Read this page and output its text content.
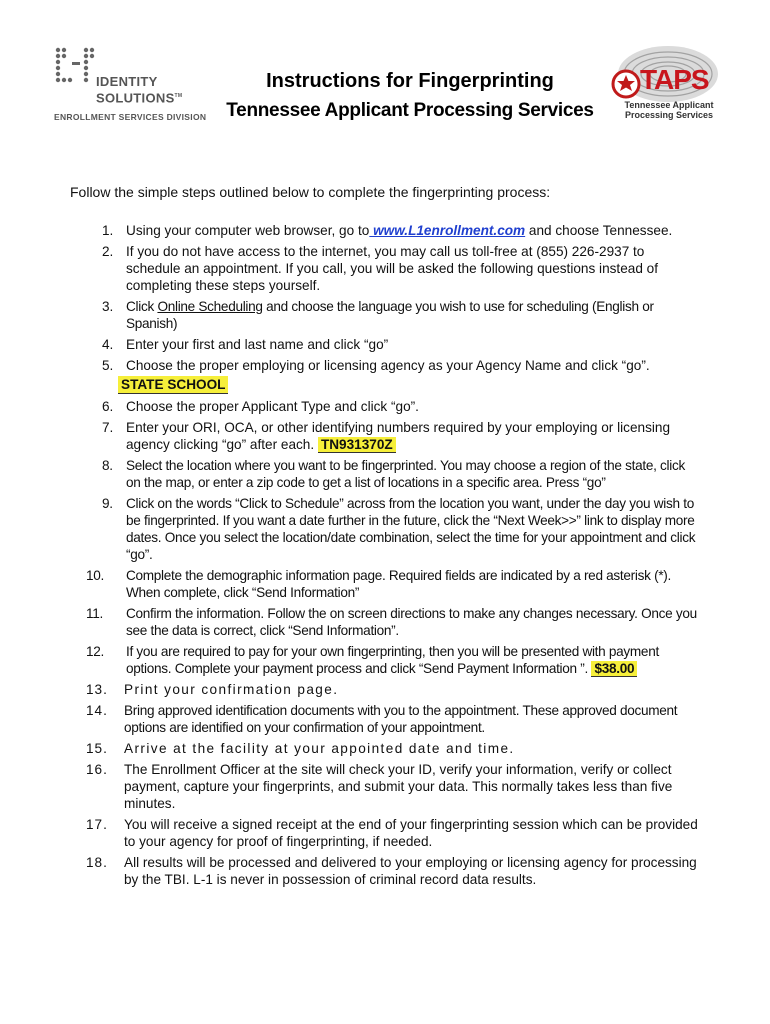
IDENTITY
SOLUTIONS™
ENROLLMENT SERVICES DIVISION
Instructions for Fingerprinting
Tennessee Applicant Processing Services
TAPS
Tennessee Applicant
Processing Services
Follow the simple steps outlined below to complete the fingerprinting process:
1. Using your computer web browser, go to www.L1enrollment.com and choose Tennessee.
2. If you do not have access to the internet, you may call us toll-free at (855) 226-2937 to schedule an appointment. If you call, you will be asked the following questions instead of completing these steps yourself.
3. Click Online Scheduling and choose the language you wish to use for scheduling (English or Spanish)
4. Enter your first and last name and click “go”
5. Choose the proper employing or licensing agency as your Agency Name and click “go”.
STATE SCHOOL
6. Choose the proper Applicant Type and click “go”.
7. Enter your ORI, OCA, or other identifying numbers required by your employing or licensing agency clicking “go” after each. TN931370Z
8. Select the location where you want to be fingerprinted. You may choose a region of the state, click on the map, or enter a zip code to get a list of locations in a specific area. Press “go”
9. Click on the words “Click to Schedule” across from the location you want, under the day you wish to be fingerprinted. If you want a date further in the future, click the “Next Week>>” link to display more dates. Once you select the location/date combination, select the time for your appointment and click “go”.
10.	Complete the demographic information page. Required fields are indicated by a red asterisk (*). When complete, click “Send Information”
11.	Confirm the information. Follow the on screen directions to make any changes necessary. Once you see the data is correct, click “Send Information”.
12.	If you are required to pay for your own fingerprinting, then you will be presented with payment options. Complete your payment process and click “Send Payment Information ”. $38.00
13.	Print your confirmation page.
14.	Bring approved identification documents with you to the appointment. These approved document options are identified on your confirmation of your appointment.
15.	Arrive at the facility at your appointed date and time.
16.	The Enrollment Officer at the site will check your ID, verify your information, verify or collect payment, capture your fingerprints, and submit your data. This normally takes less than five minutes.
17.	You will receive a signed receipt at the end of your fingerprinting session which can be provided to your agency for proof of fingerprinting, if needed.
18.	All results will be processed and delivered to your employing or licensing agency for processing by the TBI. L-1 is never in possession of criminal record data results.
